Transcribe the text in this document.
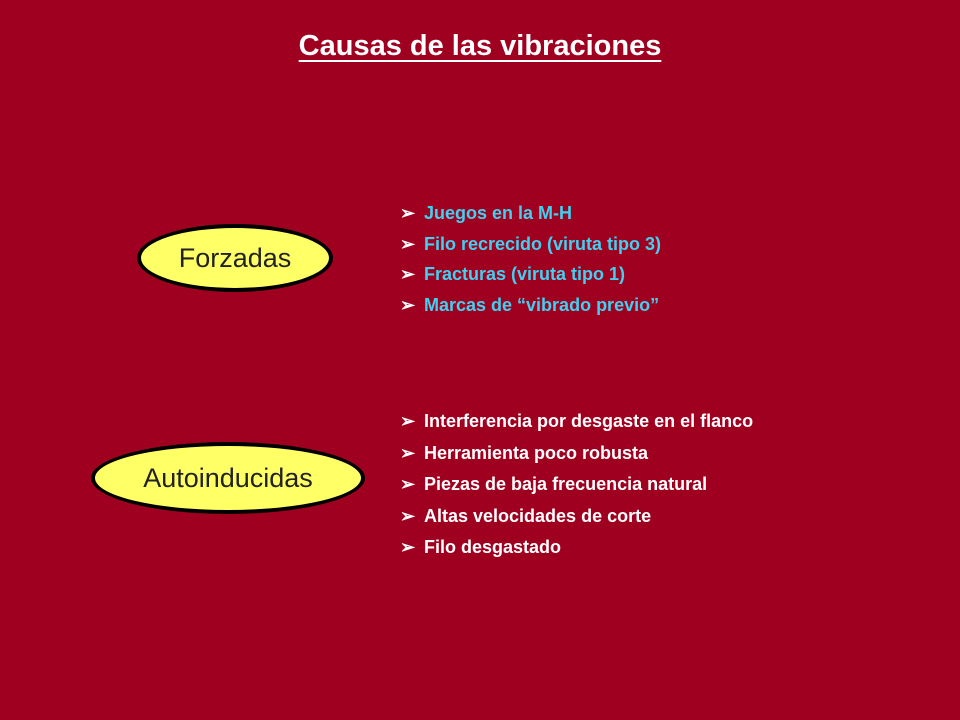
Causas de las vibraciones
Forzadas
➢ Juegos en la M-H
➢ Filo recrecido (viruta tipo 3)
➢ Fracturas (viruta tipo 1)
➢ Marcas de “vibrado previo”
Autoinducidas
➢ Interferencia por desgaste en el flanco
➢ Herramienta poco robusta
➢ Piezas de baja frecuencia natural
➢ Altas velocidades de corte
➢ Filo desgastado
